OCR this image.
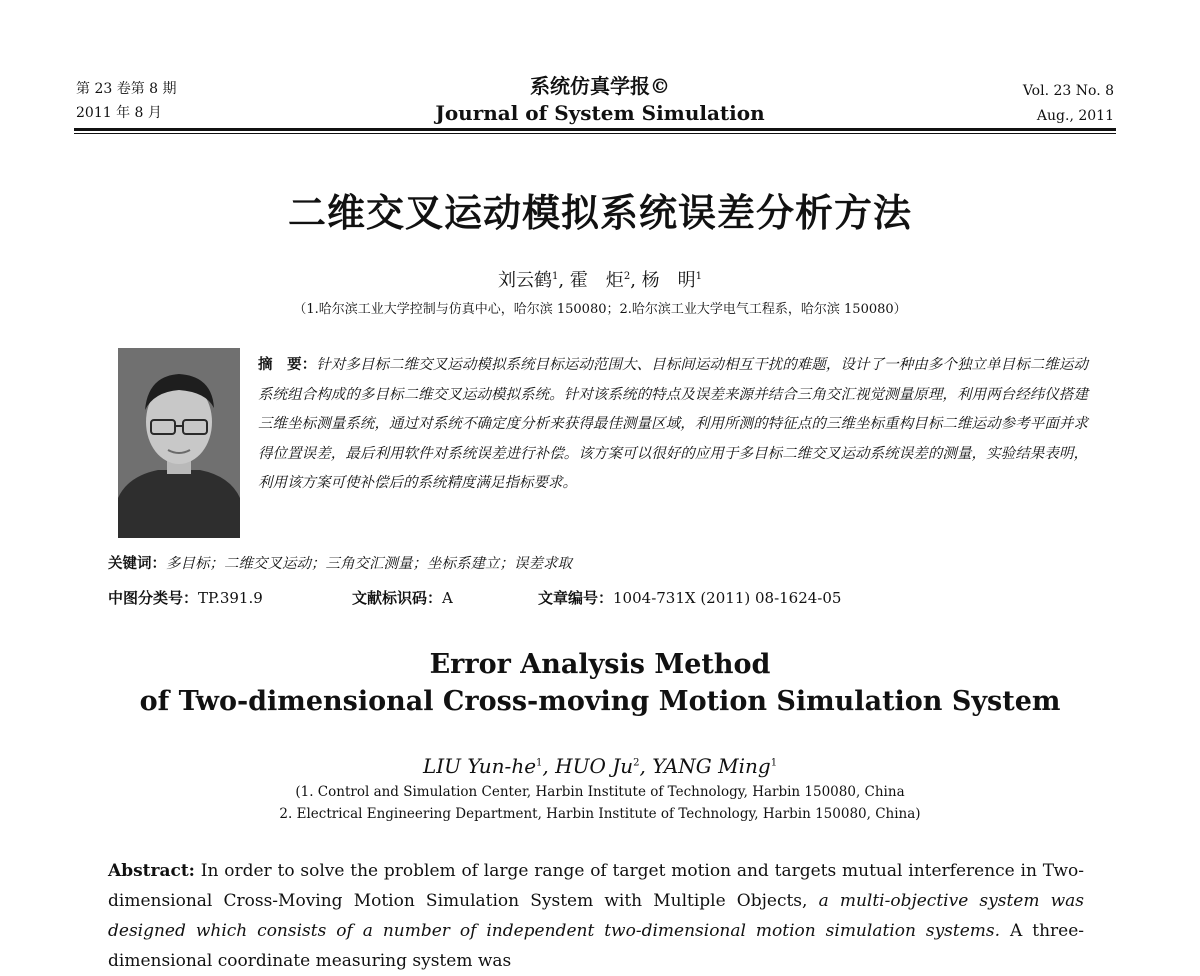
第 23 卷第 8 期
2011 年 8 月
系统仿真学报©
Journal of System Simulation
Vol. 23 No. 8
Aug., 2011
二维交叉运动模拟系统误差分析方法
刘云鹤$^1$, 霍　炬$^2$, 杨　明$^1$
（1.哈尔滨工业大学控制与仿真中心，哈尔滨 150080；2.哈尔滨工业大学电气工程系，哈尔滨 150080）
摘　要：针对多目标二维交叉运动模拟系统目标运动范围大、目标间运动相互干扰的难题，设计了一种由多个独立单目标二维运动系统组合构成的多目标二维交叉运动模拟系统。针对该系统的特点及误差来源并结合三角交汇视觉测量原理，利用两台经纬仪搭建三维坐标测量系统，通过对系统不确定度分析来获得最佳测量区域，利用所测的特征点的三维坐标重构目标二维运动参考平面并求得位置误差，最后利用软件对系统误差进行补偿。该方案可以很好的应用于多目标二维交叉运动系统误差的测量，实验结果表明，利用该方案可使补偿后的系统精度满足指标要求。
关键词：多目标；二维交叉运动；三角交汇测量；坐标系建立；误差求取
中图分类号：TP.391.9	文献标识码：A	文章编号：1004-731X (2011) 08-1624-05
Error Analysis Method
of Two-dimensional Cross-moving Motion Simulation System
LIU Yun-$he^1$, HUO Ju$^2$, YANG Ming$^1$
(1. Control and Simulation Center, Harbin Institute of Technology, Harbin 150080, China
2. Electrical Engineering Department, Harbin Institute of Technology, Harbin 150080, China)
Abstract: In order to solve the problem of large range of target motion and targets mutual interference in Two-dimensional Cross-Moving Motion Simulation System with Multiple Objects, a multi-objective system was designed which consists of a number of independent two-dimensional motion simulation systems. A three-dimensional coordinate measuring system was
